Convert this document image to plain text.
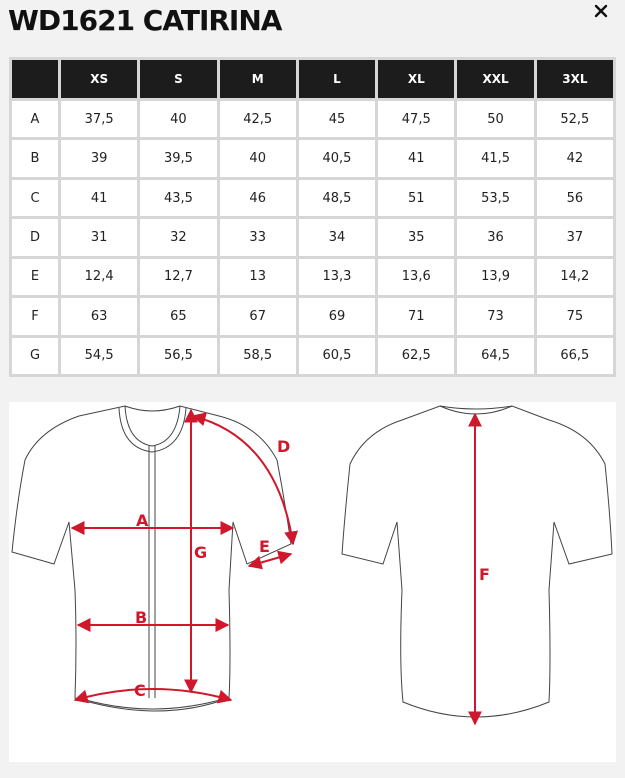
WD1621 CATIRINA
	XS	S	M	L	XL	XXL	3XL
A	37,5	40	42,5	45	47,5	50	52,5
B	39	39,5	40	40,5	41	41,5	42
C	41	43,5	46	48,5	51	53,5	56
D	31	32	33	34	35	36	37
E	12,4	12,7	13	13,3	13,6	13,9	14,2
F	63	65	67	69	71	73	75
G	54,5	56,5	58,5	60,5	62,5	64,5	66,5
A
B
C
G
D
E
F
